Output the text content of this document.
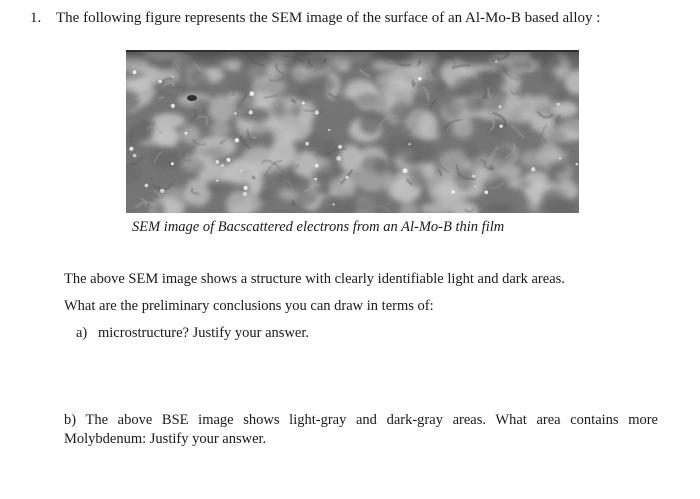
1. The following figure represents the SEM image of the surface of an Al-Mo-B based alloy :
SEM image of Bacscattered electrons from an Al-Mo-B thin film
The above SEM image shows a structure with clearly identifiable light and dark areas.
What are the preliminary conclusions you can draw in terms of:
a) microstructure? Justify your answer.
b) The above BSE image shows light-gray and dark-gray areas. What area contains more
Molybdenum: Justify your answer.
